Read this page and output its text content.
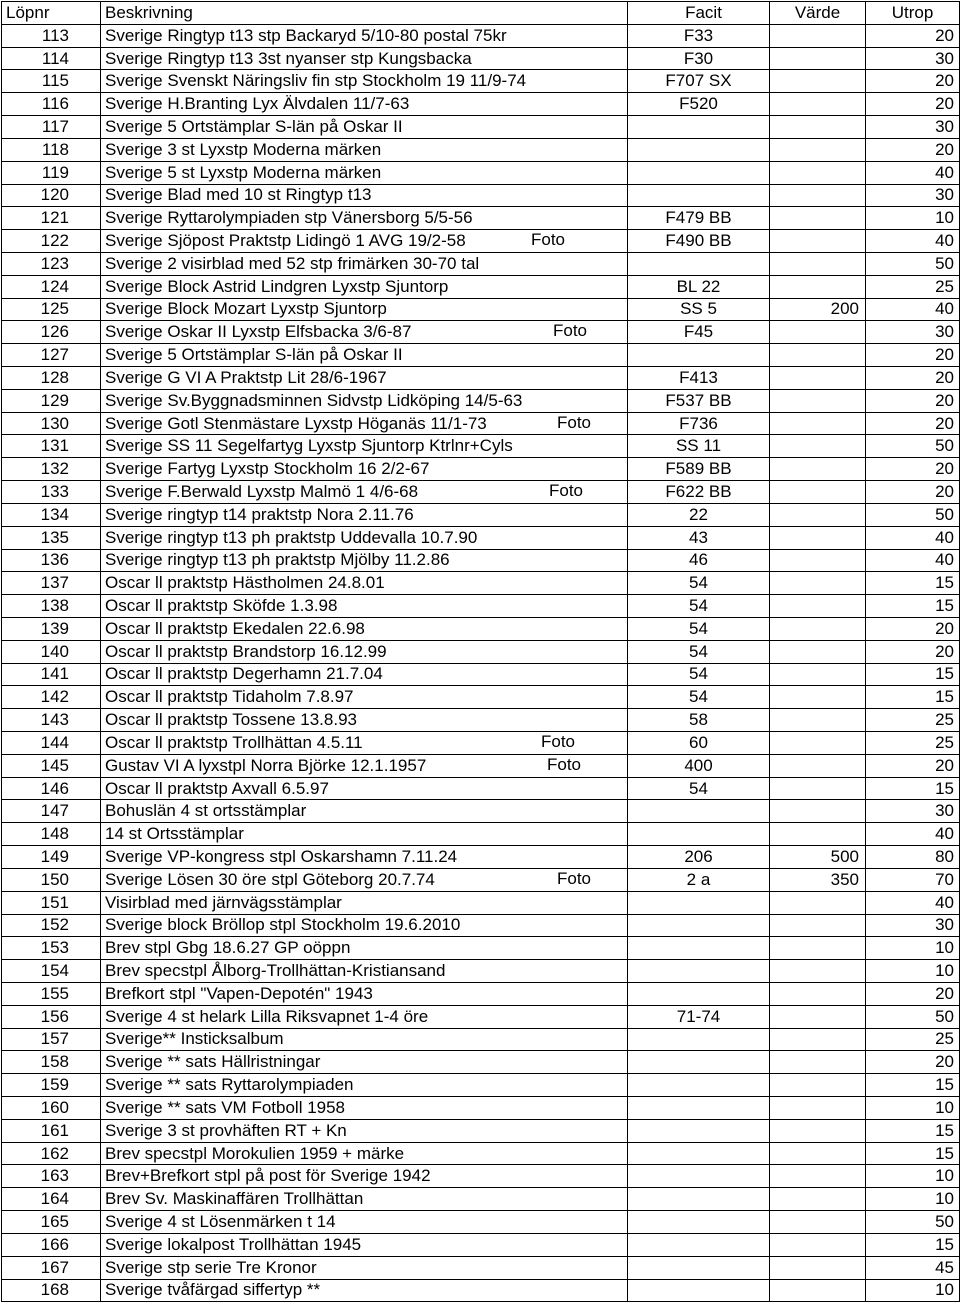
Löpnr	Beskrivning	Facit	Värde	Utrop
113	Sverige Ringtyp t13 stp Backaryd 5/10-80 postal 75kr	F33		20
114	Sverige Ringtyp t13 3st nyanser stp Kungsbacka	F30		30
115	Sverige Svenskt Näringsliv fin stp Stockholm 19 11/9-74	F707 SX		20
116	Sverige H.Branting Lyx Älvdalen 11/7-63	F520		20
117	Sverige 5 Ortstämplar S-län på Oskar II			30
118	Sverige 3 st Lyxstp Moderna märken			20
119	Sverige 5 st Lyxstp Moderna märken			40
120	Sverige Blad med 10 st Ringtyp t13			30
121	Sverige Ryttarolympiaden stp Vänersborg 5/5-56	F479 BB		10
122	Sverige Sjöpost Praktstp Lidingö 1 AVG 19/2-58 Foto	F490 BB		40
123	Sverige 2 visirblad med 52 stp frimärken 30-70 tal			50
124	Sverige Block Astrid Lindgren Lyxstp Sjuntorp	BL 22		25
125	Sverige Block Mozart Lyxstp Sjuntorp	SS 5	200	40
126	Sverige Oskar II Lyxstp Elfsbacka 3/6-87 Foto	F45		30
127	Sverige 5 Ortstämplar S-län på Oskar II			20
128	Sverige G VI A Praktstp Lit 28/6-1967	F413		20
129	Sverige Sv.Byggnadsminnen Sidvstp Lidköping 14/5-63	F537 BB		20
130	Sverige Gotl Stenmästare Lyxstp Höganäs 11/1-73 Foto	F736		20
131	Sverige SS 11 Segelfartyg Lyxstp Sjuntorp Ktrlnr+Cyls	SS 11		50
132	Sverige Fartyg Lyxstp Stockholm 16 2/2-67	F589 BB		20
133	Sverige F.Berwald Lyxstp Malmö 1 4/6-68 Foto	F622 BB		20
134	Sverige ringtyp t14 praktstp Nora 2.11.76	22		50
135	Sverige ringtyp t13 ph praktstp Uddevalla 10.7.90	43		40
136	Sverige ringtyp t13 ph praktstp Mjölby 11.2.86	46		40
137	Oscar ll praktstp Hästholmen 24.8.01	54		15
138	Oscar ll praktstp Sköfde 1.3.98	54		15
139	Oscar ll praktstp Ekedalen 22.6.98	54		20
140	Oscar ll praktstp Brandstorp 16.12.99	54		20
141	Oscar ll praktstp Degerhamn 21.7.04	54		15
142	Oscar ll praktstp Tidaholm 7.8.97	54		15
143	Oscar ll praktstp Tossene 13.8.93	58		25
144	Oscar ll praktstp Trollhättan 4.5.11 Foto	60		25
145	Gustav VI A lyxstpl Norra Björke 12.1.1957 Foto	400		20
146	Oscar ll praktstp Axvall 6.5.97	54		15
147	Bohuslän 4 st ortsstämplar			30
148	14 st Ortsstämplar			40
149	Sverige VP-kongress stpl Oskarshamn 7.11.24	206	500	80
150	Sverige Lösen 30 öre stpl Göteborg 20.7.74 Foto	2 a	350	70
151	Visirblad med järnvägsstämplar			40
152	Sverige block Bröllop stpl Stockholm 19.6.2010			30
153	Brev stpl Gbg 18.6.27 GP oöppn			10
154	Brev specstpl Ålborg-Trollhättan-Kristiansand			10
155	Brefkort stpl "Vapen-Depotén" 1943			20
156	Sverige 4 st helark Lilla Riksvapnet 1-4 öre	71-74		50
157	Sverige** Insticksalbum			25
158	Sverige ** sats Hällristningar			20
159	Sverige ** sats Ryttarolympiaden			15
160	Sverige ** sats VM Fotboll 1958			10
161	Sverige 3 st provhäften RT + Kn			15
162	Brev specstpl Morokulien 1959 + märke			15
163	Brev+Brefkort stpl på post för Sverige 1942			10
164	Brev Sv. Maskinaffären Trollhättan			10
165	Sverige 4 st Lösenmärken t 14			50
166	Sverige lokalpost Trollhättan 1945			15
167	Sverige stp serie Tre Kronor			45
168	Sverige tvåfärgad siffertyp **			10
